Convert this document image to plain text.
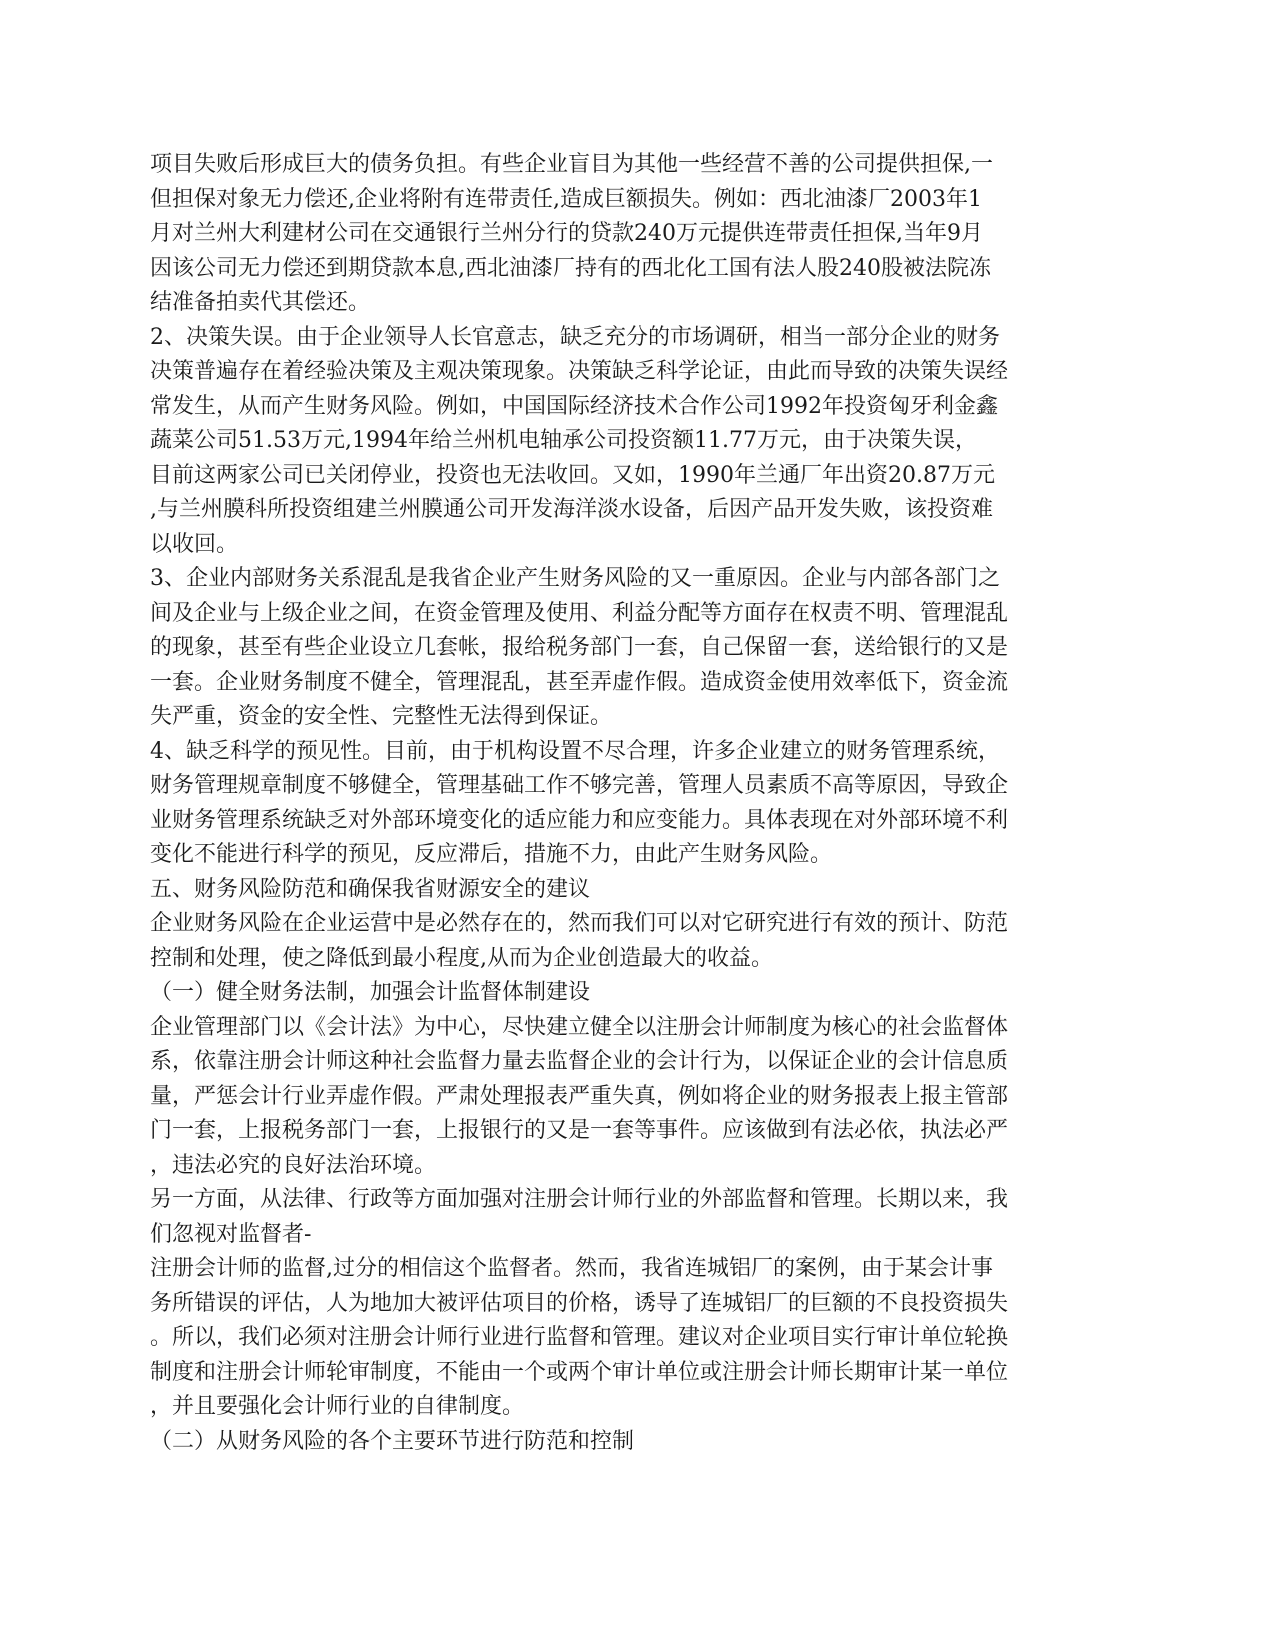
项目失败后形成巨大的债务负担。有些企业盲目为其他一些经营不善的公司提供担保,一
但担保对象无力偿还,企业将附有连带责任,造成巨额损失。例如：西北油漆厂2003年1
月对兰州大利建材公司在交通银行兰州分行的贷款240万元提供连带责任担保,当年9月
因该公司无力偿还到期贷款本息,西北油漆厂持有的西北化工国有法人股240股被法院冻
结准备拍卖代其偿还。
2、决策失误。由于企业领导人长官意志，缺乏充分的市场调研，相当一部分企业的财务
决策普遍存在着经验决策及主观决策现象。决策缺乏科学论证，由此而导致的决策失误经
常发生，从而产生财务风险。例如，中国国际经济技术合作公司1992年投资匈牙利金鑫
蔬菜公司51.53万元,1994年给兰州机电轴承公司投资额11.77万元，由于决策失误，
目前这两家公司已关闭停业，投资也无法收回。又如，1990年兰通厂年出资20.87万元
,与兰州膜科所投资组建兰州膜通公司开发海洋淡水设备，后因产品开发失败，该投资难
以收回。
3、企业内部财务关系混乱是我省企业产生财务风险的又一重原因。企业与内部各部门之
间及企业与上级企业之间，在资金管理及使用、利益分配等方面存在权责不明、管理混乱
的现象，甚至有些企业设立几套帐，报给税务部门一套，自己保留一套，送给银行的又是
一套。企业财务制度不健全，管理混乱，甚至弄虚作假。造成资金使用效率低下，资金流
失严重，资金的安全性、完整性无法得到保证。
4、缺乏科学的预见性。目前，由于机构设置不尽合理，许多企业建立的财务管理系统，
财务管理规章制度不够健全，管理基础工作不够完善，管理人员素质不高等原因，导致企
业财务管理系统缺乏对外部环境变化的适应能力和应变能力。具体表现在对外部环境不利
变化不能进行科学的预见，反应滞后，措施不力，由此产生财务风险。
五、财务风险防范和确保我省财源安全的建议
企业财务风险在企业运营中是必然存在的，然而我们可以对它研究进行有效的预计、防范
控制和处理，使之降低到最小程度,从而为企业创造最大的收益。
（一）健全财务法制，加强会计监督体制建设
企业管理部门以《会计法》为中心，尽快建立健全以注册会计师制度为核心的社会监督体
系，依靠注册会计师这种社会监督力量去监督企业的会计行为，以保证企业的会计信息质
量，严惩会计行业弄虚作假。严肃处理报表严重失真，例如将企业的财务报表上报主管部
门一套，上报税务部门一套，上报银行的又是一套等事件。应该做到有法必依，执法必严
，违法必究的良好法治环境。
另一方面，从法律、行政等方面加强对注册会计师行业的外部监督和管理。长期以来，我
们忽视对监督者-
注册会计师的监督,过分的相信这个监督者。然而，我省连城铝厂的案例，由于某会计事
务所错误的评估，人为地加大被评估项目的价格，诱导了连城铝厂的巨额的不良投资损失
。所以，我们必须对注册会计师行业进行监督和管理。建议对企业项目实行审计单位轮换
制度和注册会计师轮审制度，不能由一个或两个审计单位或注册会计师长期审计某一单位
，并且要强化会计师行业的自律制度。
（二）从财务风险的各个主要环节进行防范和控制
